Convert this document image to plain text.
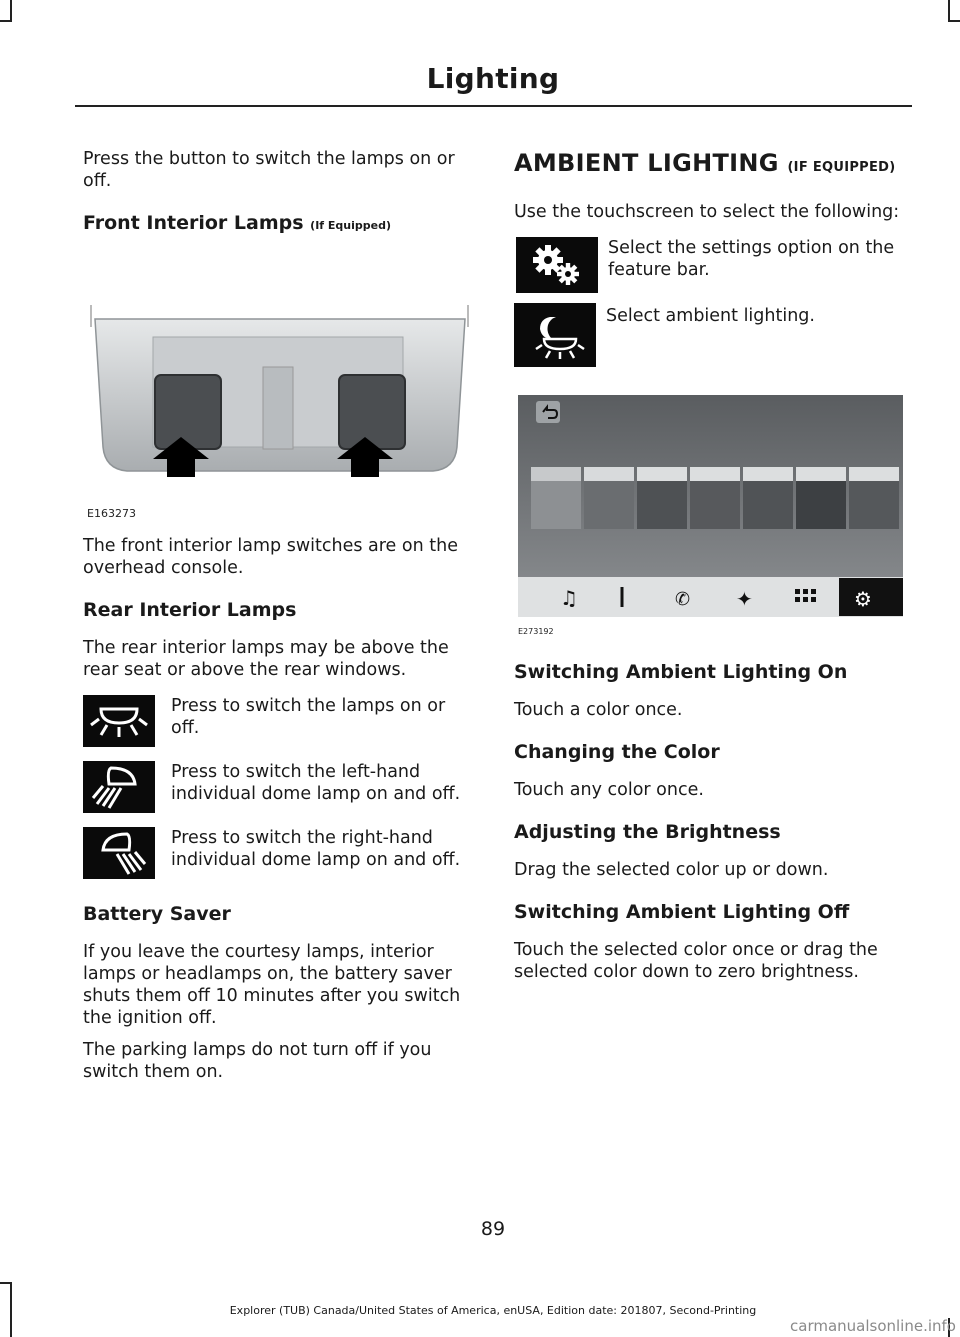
Lighting

Press the button to switch the lamps on or off.

Front Interior Lamps (If Equipped)
E163273

The front interior lamp switches are on the overhead console.

Rear Interior Lamps

The rear interior lamps may be above the rear seat or above the rear windows.

Press to switch the lamps on or off.
Press to switch the left-hand individual dome lamp on and off.
Press to switch the right-hand individual dome lamp on and off.
Battery Saver

If you leave the courtesy lamps, interior lamps or headlamps on, the battery saver shuts them off 10 minutes after you switch the ignition off.

The parking lamps do not turn off if you switch them on.

AMBIENT LIGHTING (IF EQUIPPED)

Use the touchscreen to select the following:

Select the settings option on the feature bar.
Select ambient lighting.
♫	✆ ✦	⚙
E273192
Switching Ambient Lighting On

Touch a color once.

Changing the Color

Touch any color once.

Adjusting the Brightness

Drag the selected color up or down.

Switching Ambient Lighting Off

Touch the selected color once or drag the selected color down to zero brightness.

89
Explorer (TUB) Canada/United States of America, enUSA, Edition date: 201807, Second-Printing
carmanualsonline.info
